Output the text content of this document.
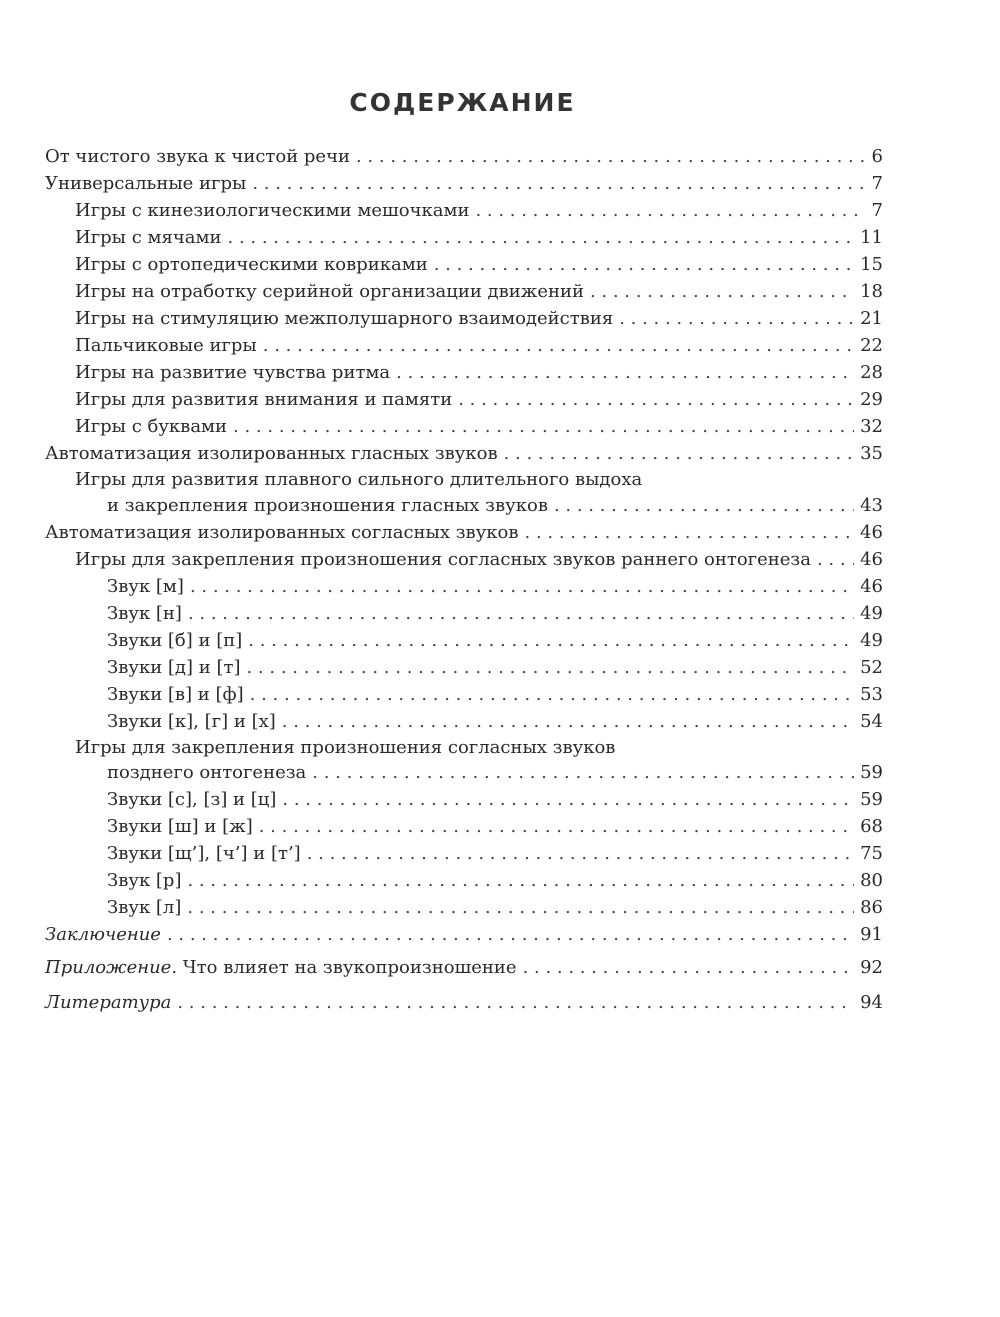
СОДЕРЖАНИЕ
От чистого звука к чистой речи . . .	6
Универсальные игры . . .	7
Игры с кинезиологическими мешочками . . .	7
Игры с мячами . . .	11
Игры с ортопедическими ковриками . . .	15
Игры на отработку серийной организации движений . . .	18
Игры на стимуляцию межполушарного взаимодействия . . .	21
Пальчиковые игры . . .	22
Игры на развитие чувства ритма . . .	28
Игры для развития внимания и памяти . . .	29
Игры с буквами . . .	32
Автоматизация изолированных гласных звуков . . .	35
Игры для развития плавного сильного длительного выдоха
и закрепления произношения гласных звуков . . .	43
Автоматизация изолированных согласных звуков . . .	46
Игры для закрепления произношения согласных звуков раннего онтогенеза . . .	46
Звук [м] . . .	46
Звук [н] . . .	49
Звуки [б] и [п] . . .	49
Звуки [д] и [т] . . .	52
Звуки [в] и [ф] . . .	53
Звуки [к], [г] и [х] . . .	54
Игры для закрепления произношения согласных звуков
позднего онтогенеза . . .	59
Звуки [с], [з] и [ц] . . .	59
Звуки [ш] и [ж] . . .	68
Звуки [щ’], [ч’] и [т’] . . .	75
Звук [р] . . .	80
Звук [л] . . .	86
Заключение . . .	91
Приложение. Что влияет на звукопроизношение . . .	92
Литература . . .	94
